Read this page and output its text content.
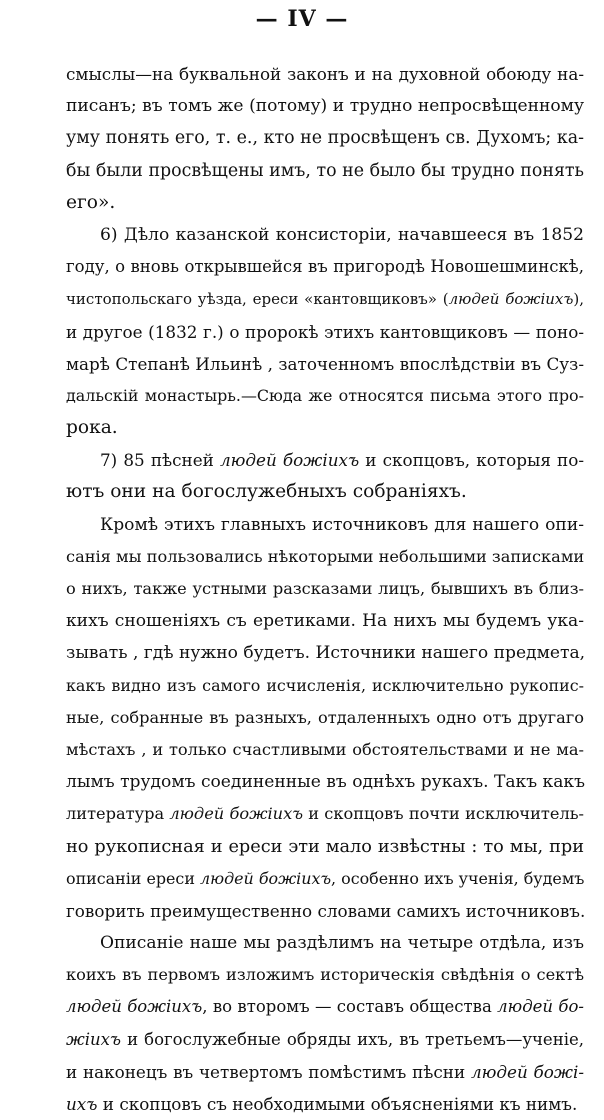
— IV —
смыслы—на буквальной законъ и на духовной обоюду на-
писанъ; въ томъ же (потому) и трудно непросвѣщенному
уму понять его, т. е., кто не просвѣщенъ св. Духомъ; ка-
бы были просвѣщены имъ, то не было бы трудно понять
его».
6) Дѣло казанской консисторіи, начавшееся въ 1852
году, о вновь открывшейся въ пригородѣ Новошешминскѣ,
чистопольскаго уѣзда, ереси «кантовщиковъ» (людей божіихъ),
и другое (1832 г.) о пророкѣ этихъ кантовщиковъ — поно-
марѣ Степанѣ Ильинѣ , заточенномъ впослѣдствіи въ Суз-
дальскій монастырь.—Сюда же относятся письма этого про-
рока.
7) 85 пѣсней людей божіихъ и скопцовъ, которыя по-
ютъ они на богослужебныхъ собраніяхъ.
Кромѣ этихъ главныхъ источниковъ для нашего опи-
санія мы пользовались нѣкоторыми небольшими записками
о нихъ, также устными разсказами лицъ, бывшихъ въ близ-
кихъ сношеніяхъ съ еретиками. На нихъ мы будемъ ука-
зывать , гдѣ нужно будетъ. Источники нашего предмета,
какъ видно изъ самого исчисленія, исключительно рукопис-
ные, собранные въ разныхъ, отдаленныхъ одно отъ другаго
мѣстахъ , и только счастливыми обстоятельствами и не ма-
лымъ трудомъ соединенные въ однѣхъ рукахъ. Такъ какъ
литература людей божіихъ и скопцовъ почти исключитель-
но рукописная и ереси эти мало извѣстны : то мы, при
описаніи ереси людей божіихъ, особенно ихъ ученія, будемъ
говорить преимущественно словами самихъ источниковъ.
Описаніе наше мы раздѣлимъ на четыре отдѣла, изъ
коихъ въ первомъ изложимъ историческія свѣдѣнія о сектѣ
людей божіихъ, во второмъ — составъ общества людей бо-
жіихъ и богослужебные обряды ихъ, въ третьемъ—ученіе,
и наконецъ въ четвертомъ помѣстимъ пѣсни людей божі-
ихъ и скопцовъ съ необходимыми объясненіями къ нимъ.
